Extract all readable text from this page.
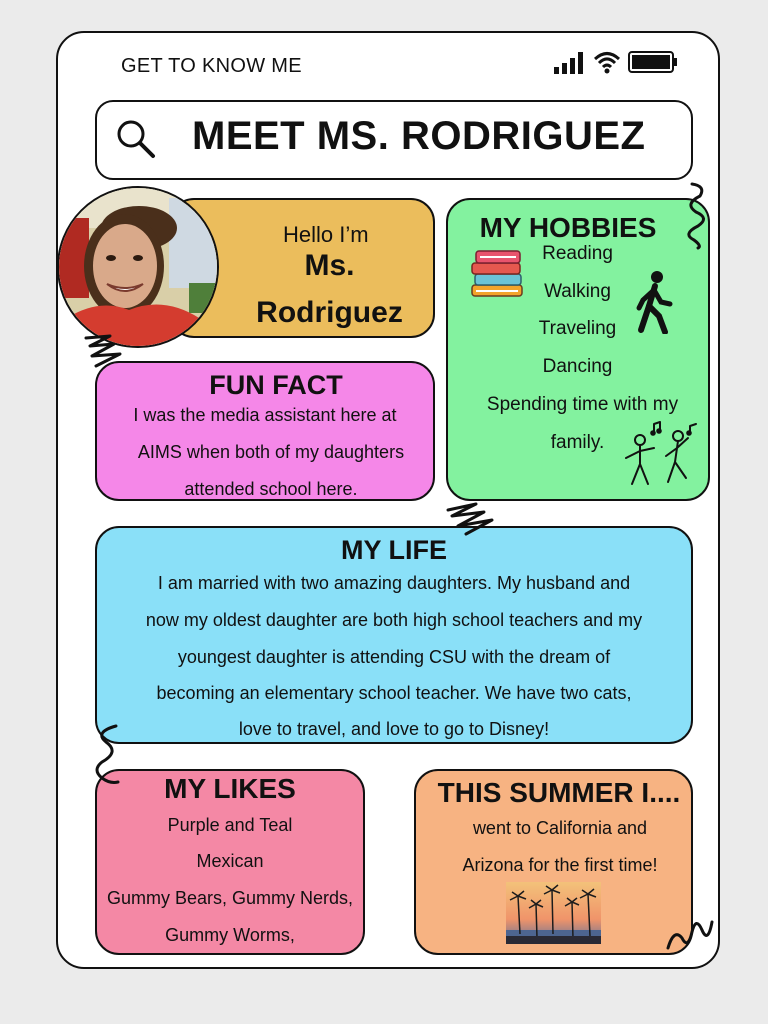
GET TO KNOW ME
MEET MS. RODRIGUEZ
Hello I’m
Ms.
Rodriguez
MY HOBBIES
Reading
Walking
Traveling
Dancing
Spending time with my
family.
FUN FACT
I was the media assistant here at
AIMS when both of my daughters
attended school here.
MY LIFE
I am married with two amazing daughters. My husband and
now my oldest daughter are both high school teachers and my
youngest daughter is attending CSU with the dream of
becoming an elementary school teacher. We have two cats,
love to travel, and love to go to Disney!
MY LIKES
Purple and Teal
Mexican
Gummy Bears, Gummy Nerds,
Gummy Worms,
THIS SUMMER I....
went to California and
Arizona for the first time!
